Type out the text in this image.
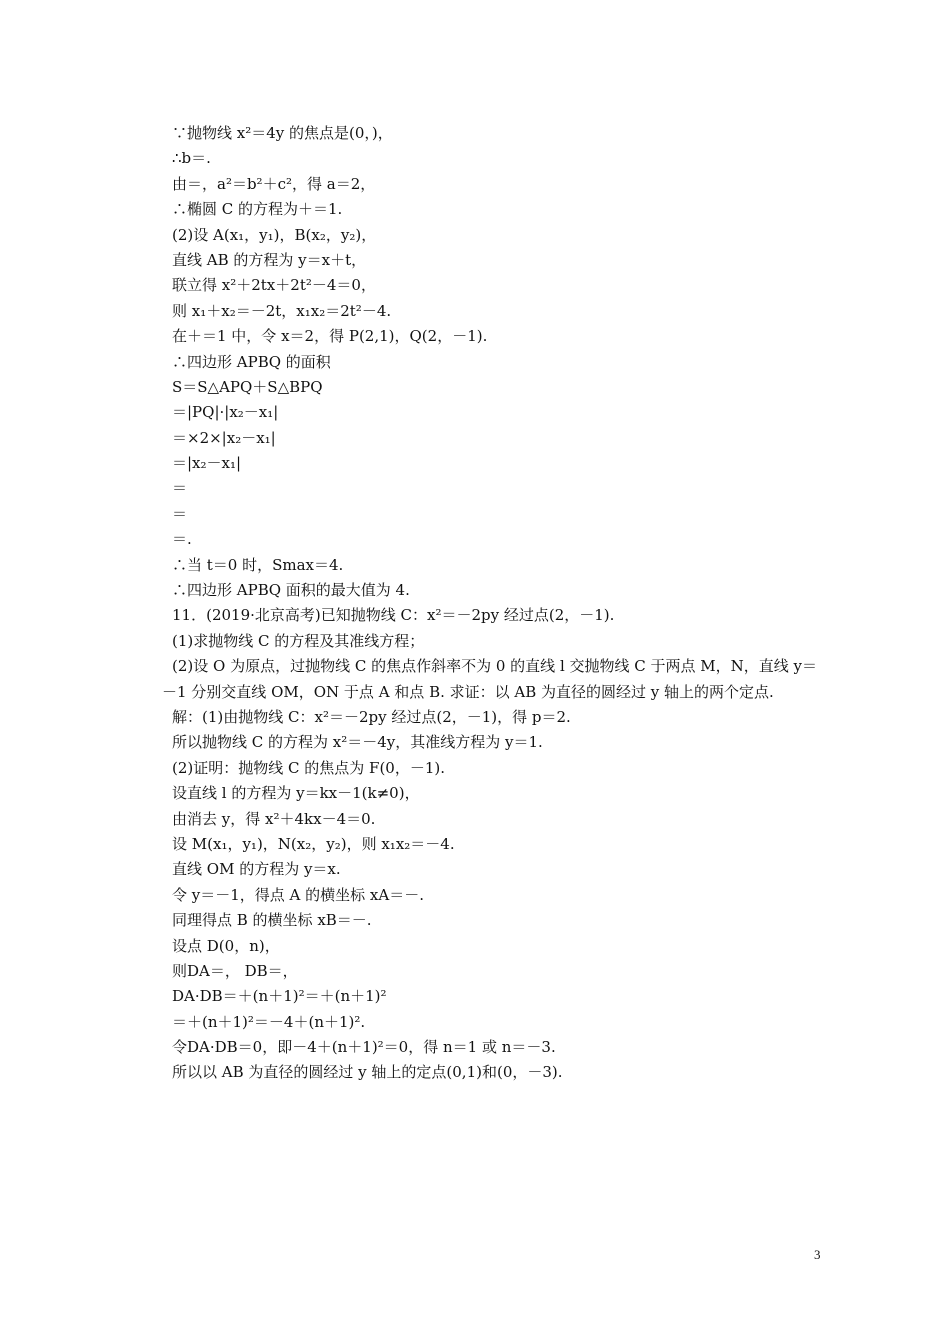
∵抛物线 x²＝4y 的焦点是(0，)，
∴b＝.
由＝，a²＝b²＋c²，得 a＝2，
∴椭圆 C 的方程为＋＝1.
(2)设 A(x₁，y₁)，B(x₂，y₂)，
直线 AB 的方程为 y＝x＋t，
联立得 x²＋2tx＋2t²－4＝0，
则 x₁＋x₂＝－2t，x₁x₂＝2t²－4.
在＋＝1 中，令 x＝2，得 P(2,1)，Q(2，－1).
∴四边形 APBQ 的面积
S＝S△APQ＋S△BPQ
＝|PQ|·|x₂－x₁|
＝×2×|x₂－x₁|
＝|x₂－x₁|
＝
＝
＝.
∴当 t＝0 时，Smax＝4.
∴四边形 APBQ 面积的最大值为 4.
11．(2019·北京高考)已知抛物线 C：x²＝－2py 经过点(2，－1).
(1)求抛物线 C 的方程及其准线方程；
(2)设 O 为原点，过抛物线 C 的焦点作斜率不为 0 的直线 l 交抛物线 C 于两点 M，N，直线 y＝－1 分别交直线 OM，ON 于点 A 和点 B. 求证：以 AB 为直径的圆经过 y 轴上的两个定点.
解：(1)由抛物线 C：x²＝－2py 经过点(2，－1)，得 p＝2.
所以抛物线 C 的方程为 x²＝－4y，其准线方程为 y＝1.
(2)证明：抛物线 C 的焦点为 F(0，－1).
设直线 l 的方程为 y＝kx－1(k≠0)，
由消去 y，得 x²＋4kx－4＝0.
设 M(x₁，y₁)，N(x₂，y₂)，则 x₁x₂＝－4.
直线 OM 的方程为 y＝x.
令 y＝－1，得点 A 的横坐标 xA＝－.
同理得点 B 的横坐标 xB＝－.
设点 D(0，n)，
则DA＝， DB＝，
DA·DB＝＋(n＋1)²＝＋(n＋1)²
＝＋(n＋1)²＝－4＋(n＋1)².
令DA·DB＝0，即－4＋(n＋1)²＝0，得 n＝1 或 n＝－3.
所以以 AB 为直径的圆经过 y 轴上的定点(0,1)和(0，－3).
3
